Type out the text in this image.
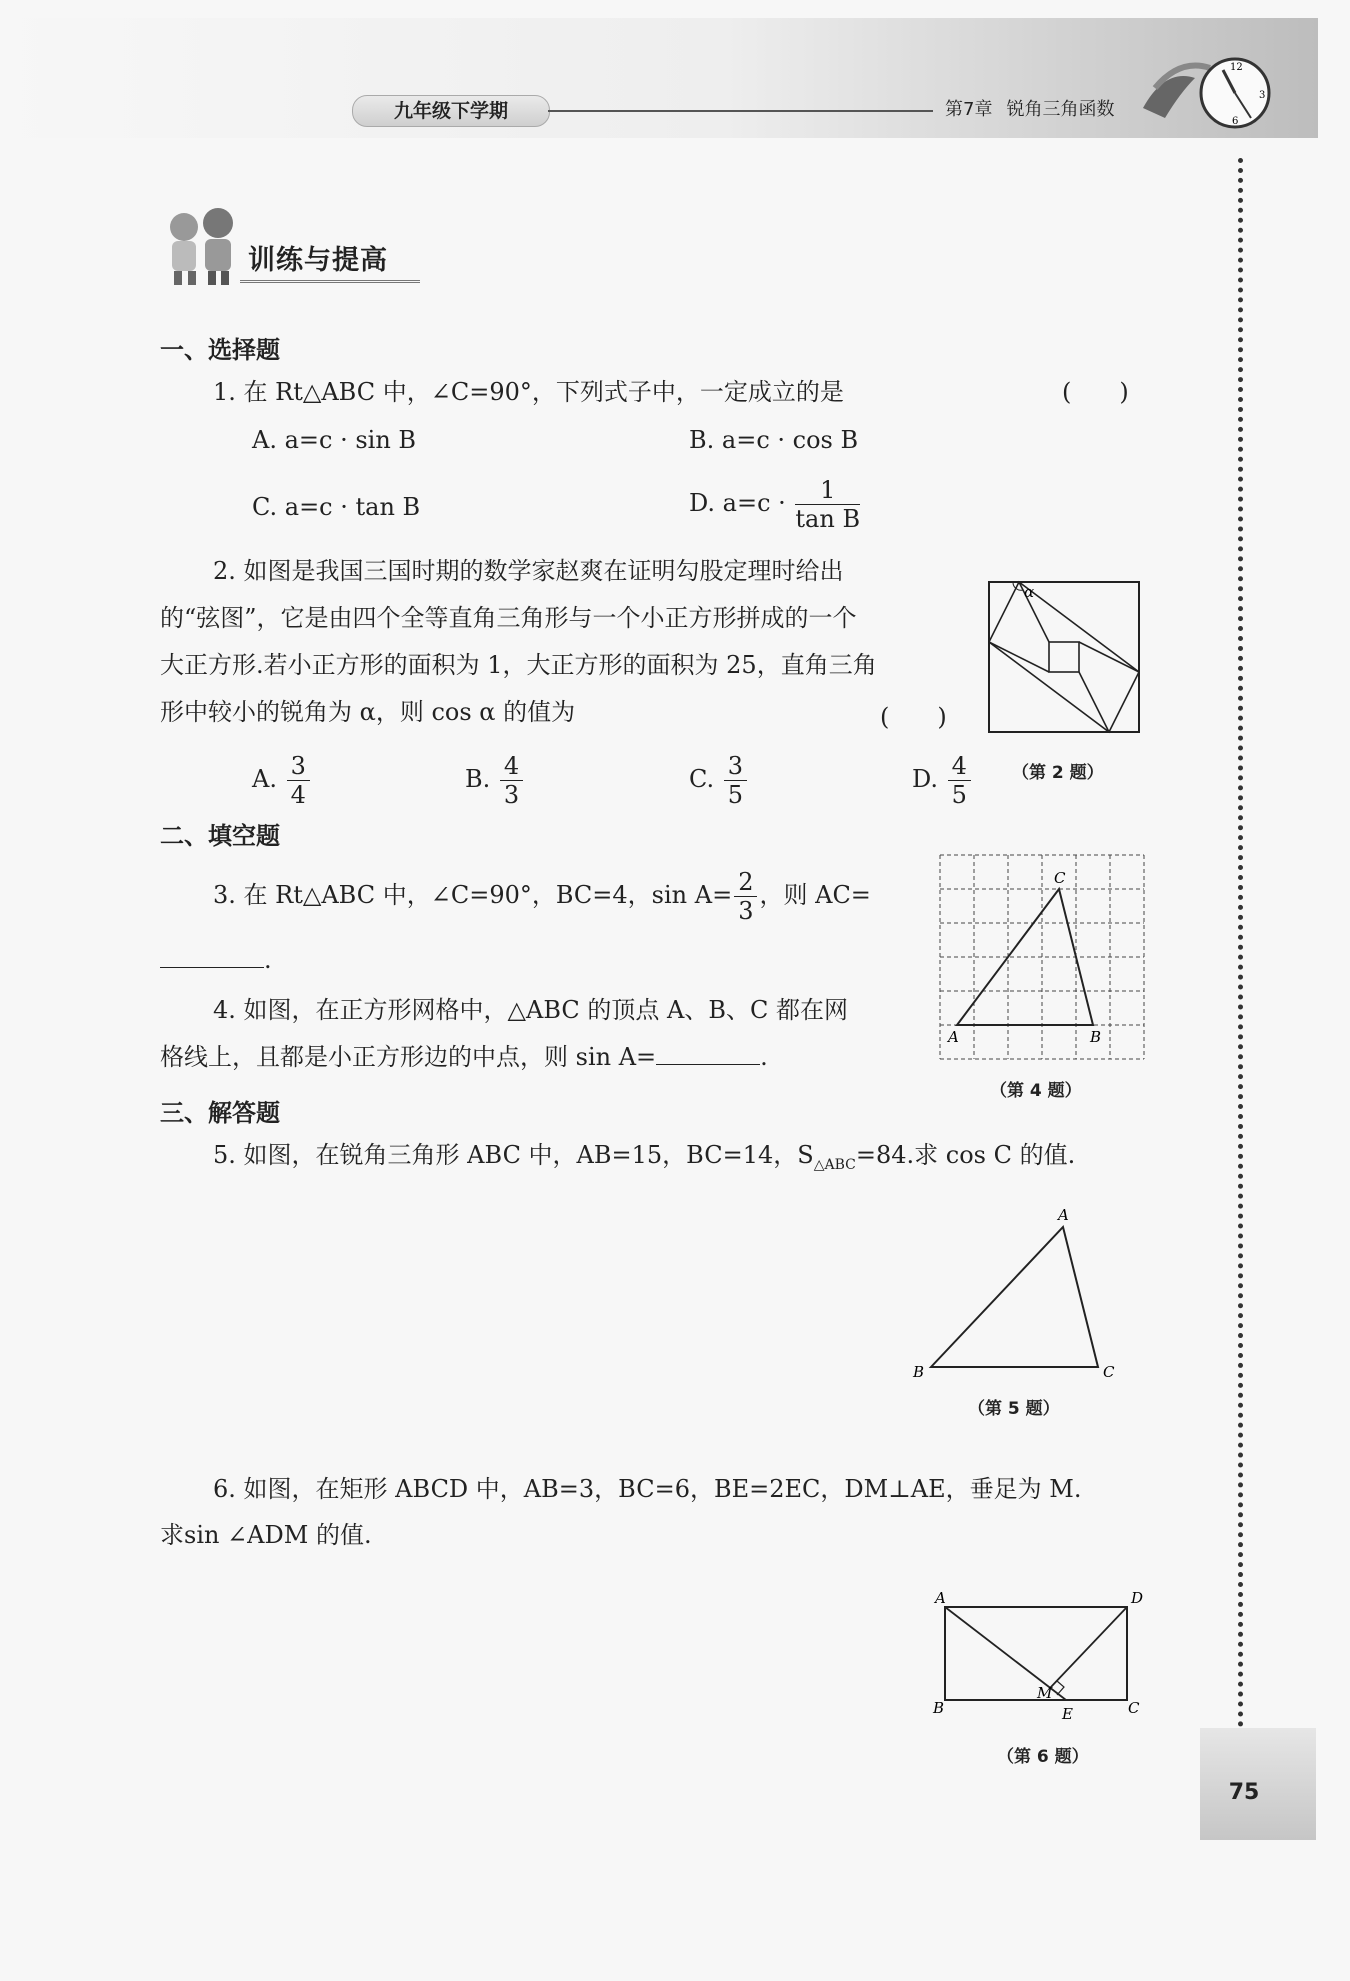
九年级下学期	第7章 锐角三角函数
12
3
6
训练与提高
一、选择题
1. 在 Rt△ABC 中，∠C=90°，下列式子中，一定成立的是	(　　)
A. a=c · sin B	B. a=c · cos B
C. a=c · tan B	D. $a=c \cdot \frac{1}{\text{tan B}}$
2. 如图是我国三国时期的数学家赵爽在证明勾股定理时给出
的“弦图”，它是由四个全等直角三角形与一个小正方形拼成的一个
大正方形.若小正方形的面积为 1，大正方形的面积为 25，直角三角
形中较小的锐角为 α，则 cos α 的值为	(　　)
α
（第 2 题）
A. $\frac{3}{4}$	B. $\frac{4}{3}$	C. $\frac{3}{5}$	D. $\frac{4}{5}$
二、填空题
3. 在 Rt△ABC 中，∠C=90°，BC=4，$\sin A= \frac{2}{3}$ ，则 AC=
.
4. 如图，在正方形网格中，△ABC 的顶点 A、B、C 都在网
格线上，且都是小正方形边的中点，则 sin A=	.
A	B
C
（第 4 题）
三、解答题
5. 如图，在锐角三角形 ABC 中，AB=15，BC=14，$S_{\triangle ABC}=84$.求 cos C 的值.
A
B	C
（第 5 题）
6. 如图，在矩形 ABCD 中，AB=3，BC=6，BE=2EC，DM⊥AE，垂足为 M.
求sin ∠ADM 的值.
A	D
B	C
M
E
（第 6 题）
75
